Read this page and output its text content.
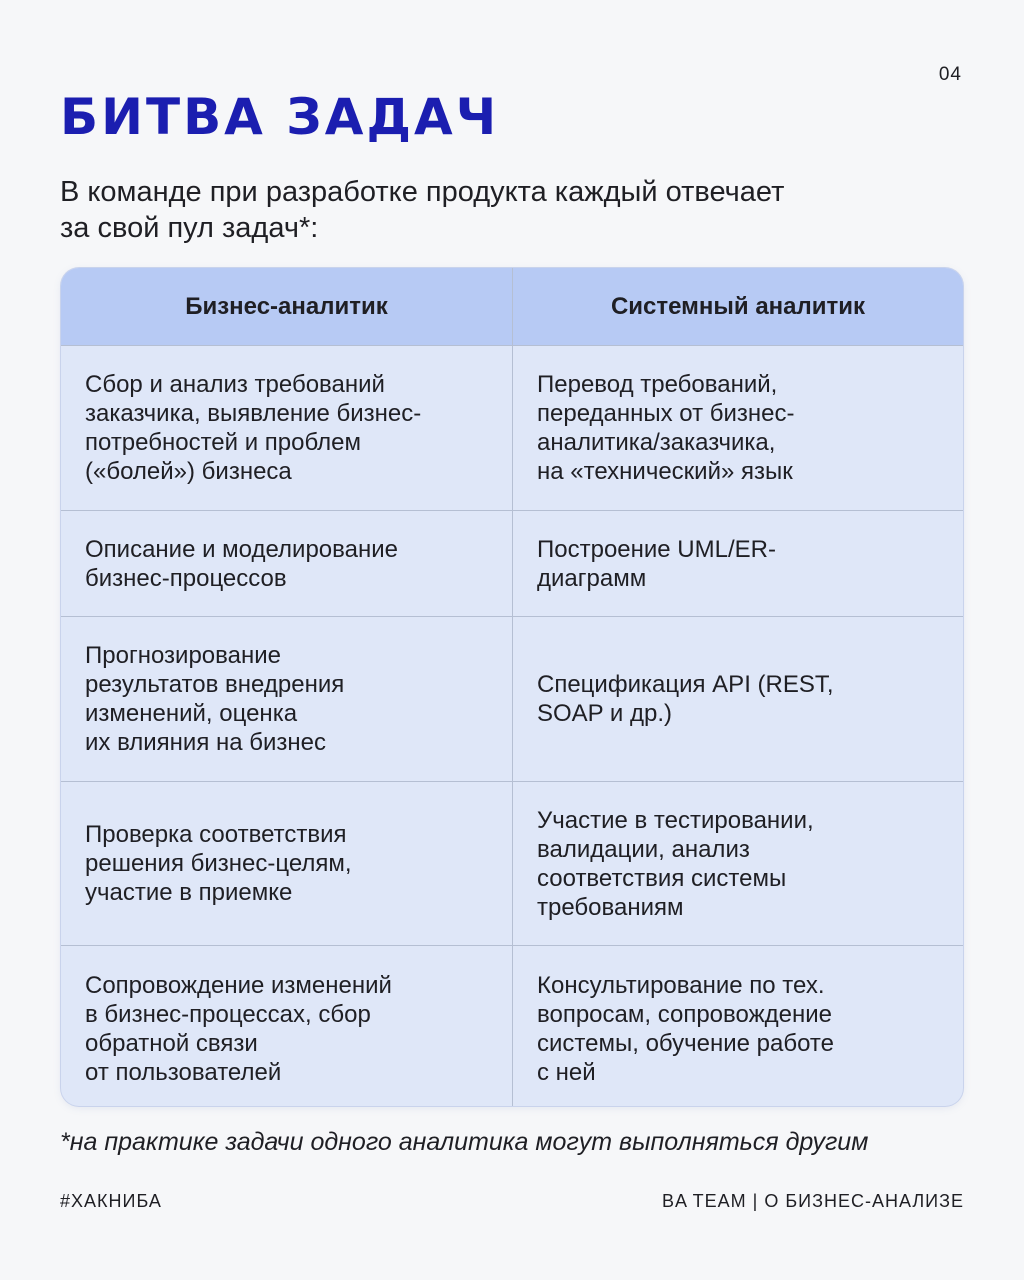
04
БИТВА ЗАДАЧ

В команде при разработке продукта каждый отвечает
за свой пул задач*:

Бизнес-аналитик	Системный аналитик
Сбор и анализ требований
заказчика, выявление бизнес-
потребностей и проблем
(«болей») бизнеса
Перевод требований,
переданных от бизнес-
аналитика/заказчика,
на «технический» язык
Описание и моделирование
бизнес-процессов
Построение UML/ER-
диаграмм
Прогнозирование
результатов внедрения
изменений, оценка
их влияния на бизнес
Спецификация API (REST,
SOAP и др.)
Проверка соответствия
решения бизнес-целям,
участие в приемке
Участие в тестировании,
валидации, анализ
соответствия системы
требованиям
Сопровождение изменений
в бизнес-процессах, сбор
обратной связи
от пользователей
Консультирование по тех.
вопросам, сопровождение
системы, обучение работе
с ней

*на практике задачи одного аналитика могут выполняться другим

#ХАКНИБА	BA TEAM | О БИЗНЕС-АНАЛИЗЕ
